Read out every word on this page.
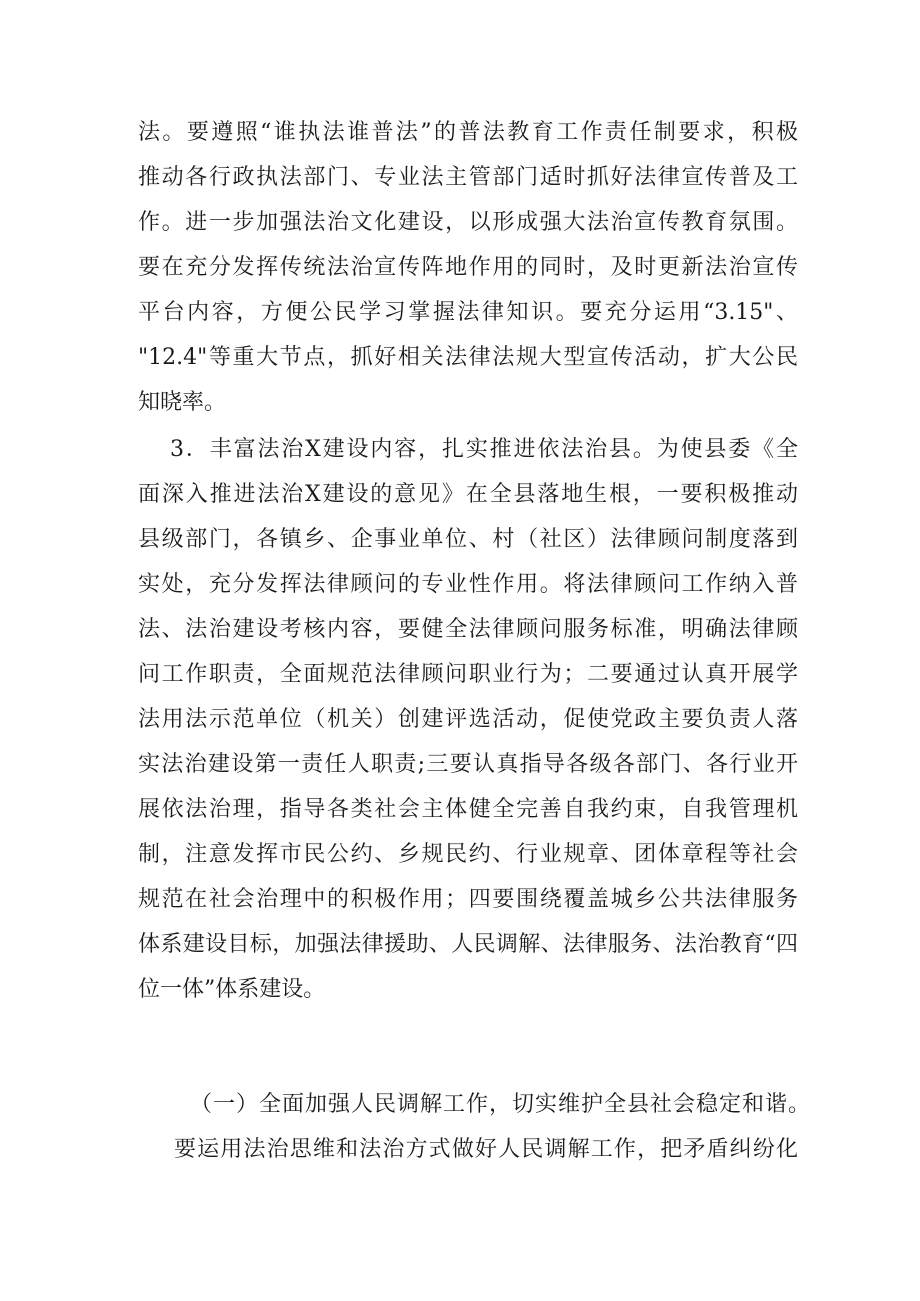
法。要遵照“谁执法谁普法”的普法教育工作责任制要求，积极
推动各行政执法部门、专业法主管部门适时抓好法律宣传普及工
作。进一步加强法治文化建设，以形成强大法治宣传教育氛围。
要在充分发挥传统法治宣传阵地作用的同时，及时更新法治宣传
平台内容，方便公民学习掌握法律知识。要充分运用“3.15"、
"12.4"等重大节点，抓好相关法律法规大型宣传活动，扩大公民
知晓率。
3．丰富法治X建设内容，扎实推进依法治县。为使县委《全
面深入推进法治X建设的意见》在全县落地生根，一要积极推动
县级部门，各镇乡、企事业单位、村（社区）法律顾问制度落到
实处，充分发挥法律顾问的专业性作用。将法律顾问工作纳入普
法、法治建设考核内容，要健全法律顾问服务标准，明确法律顾
问工作职责，全面规范法律顾问职业行为；二要通过认真开展学
法用法示范单位（机关）创建评选活动，促使党政主要负责人落
实法治建设第一责任人职责;三要认真指导各级各部门、各行业开
展依法治理，指导各类社会主体健全完善自我约束，自我管理机
制，注意发挥市民公约、乡规民约、行业规章、团体章程等社会
规范在社会治理中的积极作用；四要围绕覆盖城乡公共法律服务
体系建设目标，加强法律援助、人民调解、法律服务、法治教育“四
位一体”体系建设。
（一）全面加强人民调解工作，切实维护全县社会稳定和谐。
要运用法治思维和法治方式做好人民调解工作，把矛盾纠纷化
